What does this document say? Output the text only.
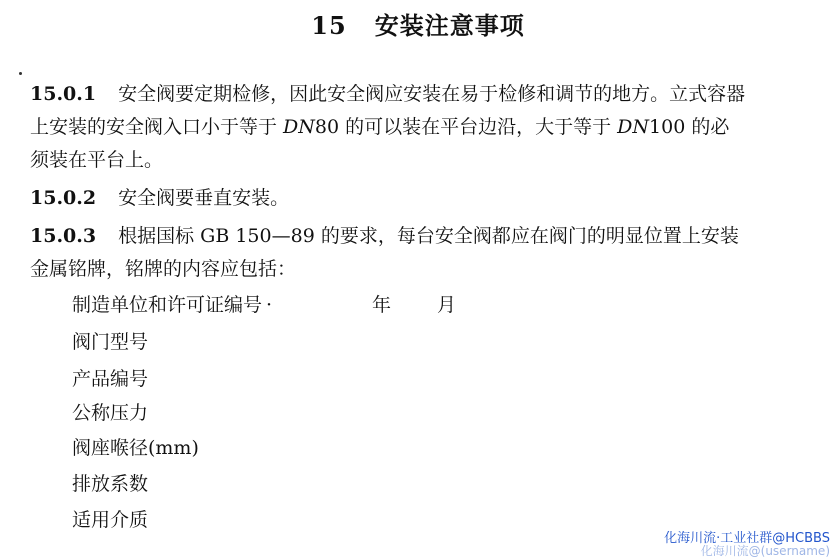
15 安装注意事项
15.0.1 安全阀要定期检修，因此安全阀应安装在易于检修和调节的地方。立式容器
上安装的安全阀入口小于等于 DN80 的可以装在平台边沿，大于等于 DN100 的必
须装在平台上。
15.0.2 安全阀要垂直安装。
15.0.3 根据国标 GB 150—89 的要求，每台安全阀都应在阀门的明显位置上安装
金属铭牌，铭牌的内容应包括：
制造单位和许可证编号 ·	年 月
阀门型号
产品编号
公称压力
阀座喉径(mm)
排放系数
适用介质
化海川流·工业社群@HCBBS
化海川流@(username)
